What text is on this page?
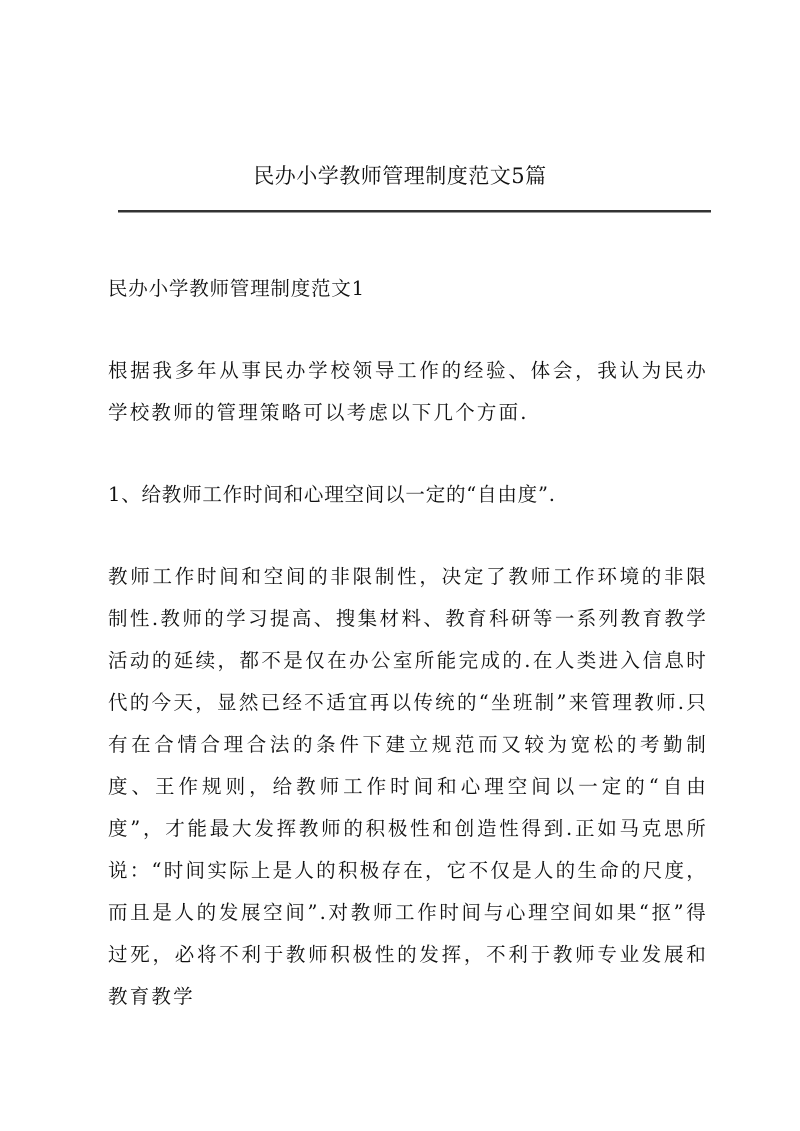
民办小学教师管理制度范文5篇

民办小学教师管理制度范文1

根据我多年从事民办学校领导工作的经验、体会，我认为民办学校教师的管理策略可以考虑以下几个方面.

1、给教师工作时间和心理空间以一定的“自由度”.

教师工作时间和空间的非限制性，决定了教师工作环境的非限制性.教师的学习提高、搜集材料、教育科研等一系列教育教学活动的延续，都不是仅在办公室所能完成的.在人类进入信息时代的今天，显然已经不适宜再以传统的“坐班制”来管理教师.只有在合情合理合法的条件下建立规范而又较为宽松的考勤制度、王作规则，给教师工作时间和心理空间以一定的“自由度”，才能最大发挥教师的积极性和创造性得到.正如马克思所说：“时间实际上是人的积极存在，它不仅是人的生命的尺度，而且是人的发展空间”.对教师工作时间与心理空间如果“抠”得过死，必将不利于教师积极性的发挥，不利于教师专业发展和教育教学
